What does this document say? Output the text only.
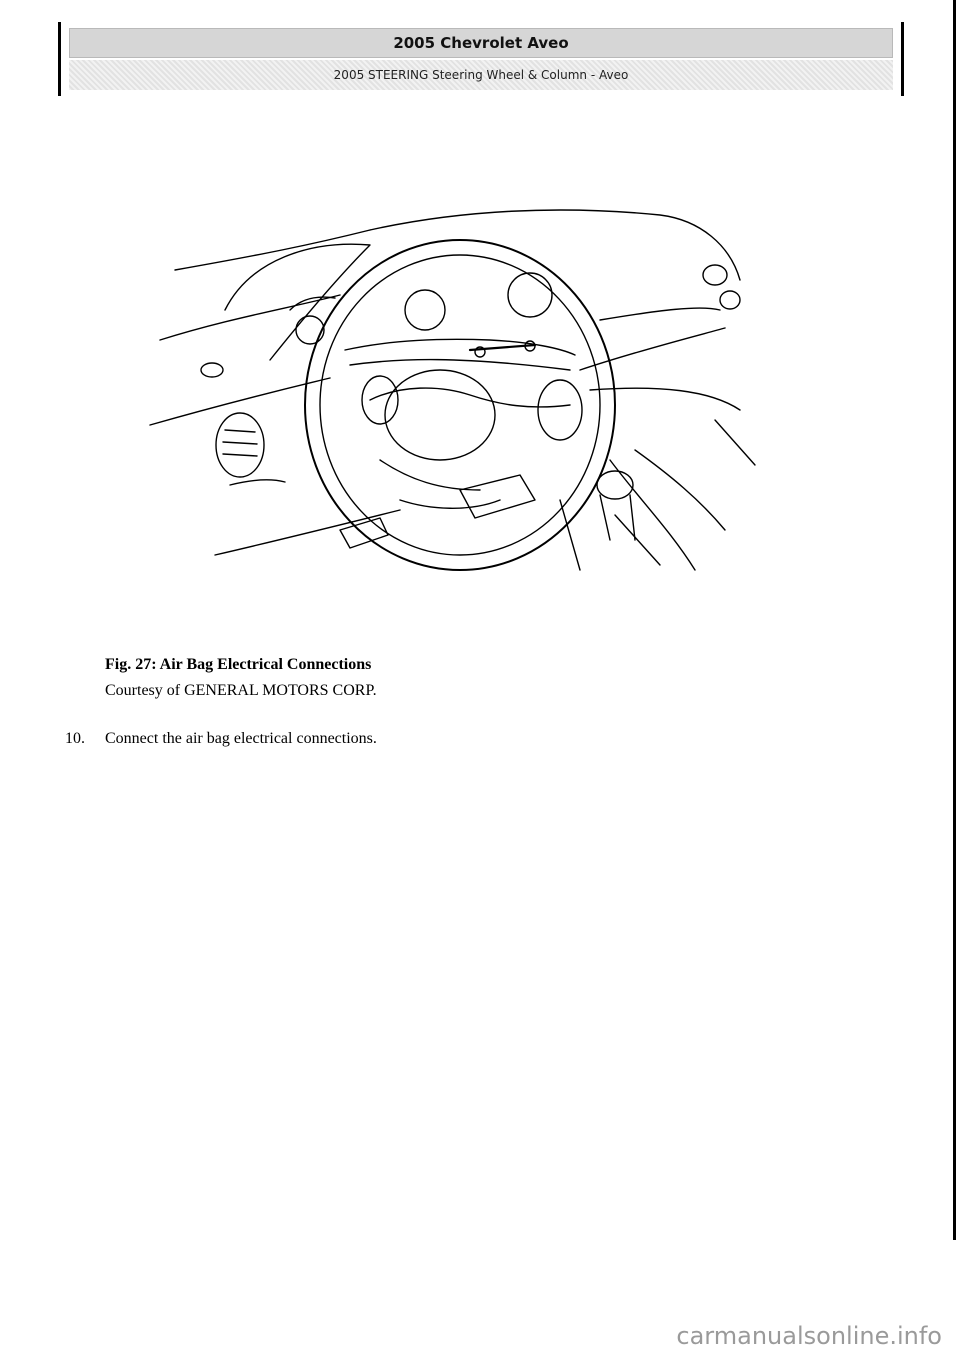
2005 Chevrolet Aveo
2005 STEERING Steering Wheel & Column - Aveo
Fig. 27: Air Bag Electrical Connections
Courtesy of GENERAL MOTORS CORP.
10. Connect the air bag electrical connections.
carmanualsonline.info
